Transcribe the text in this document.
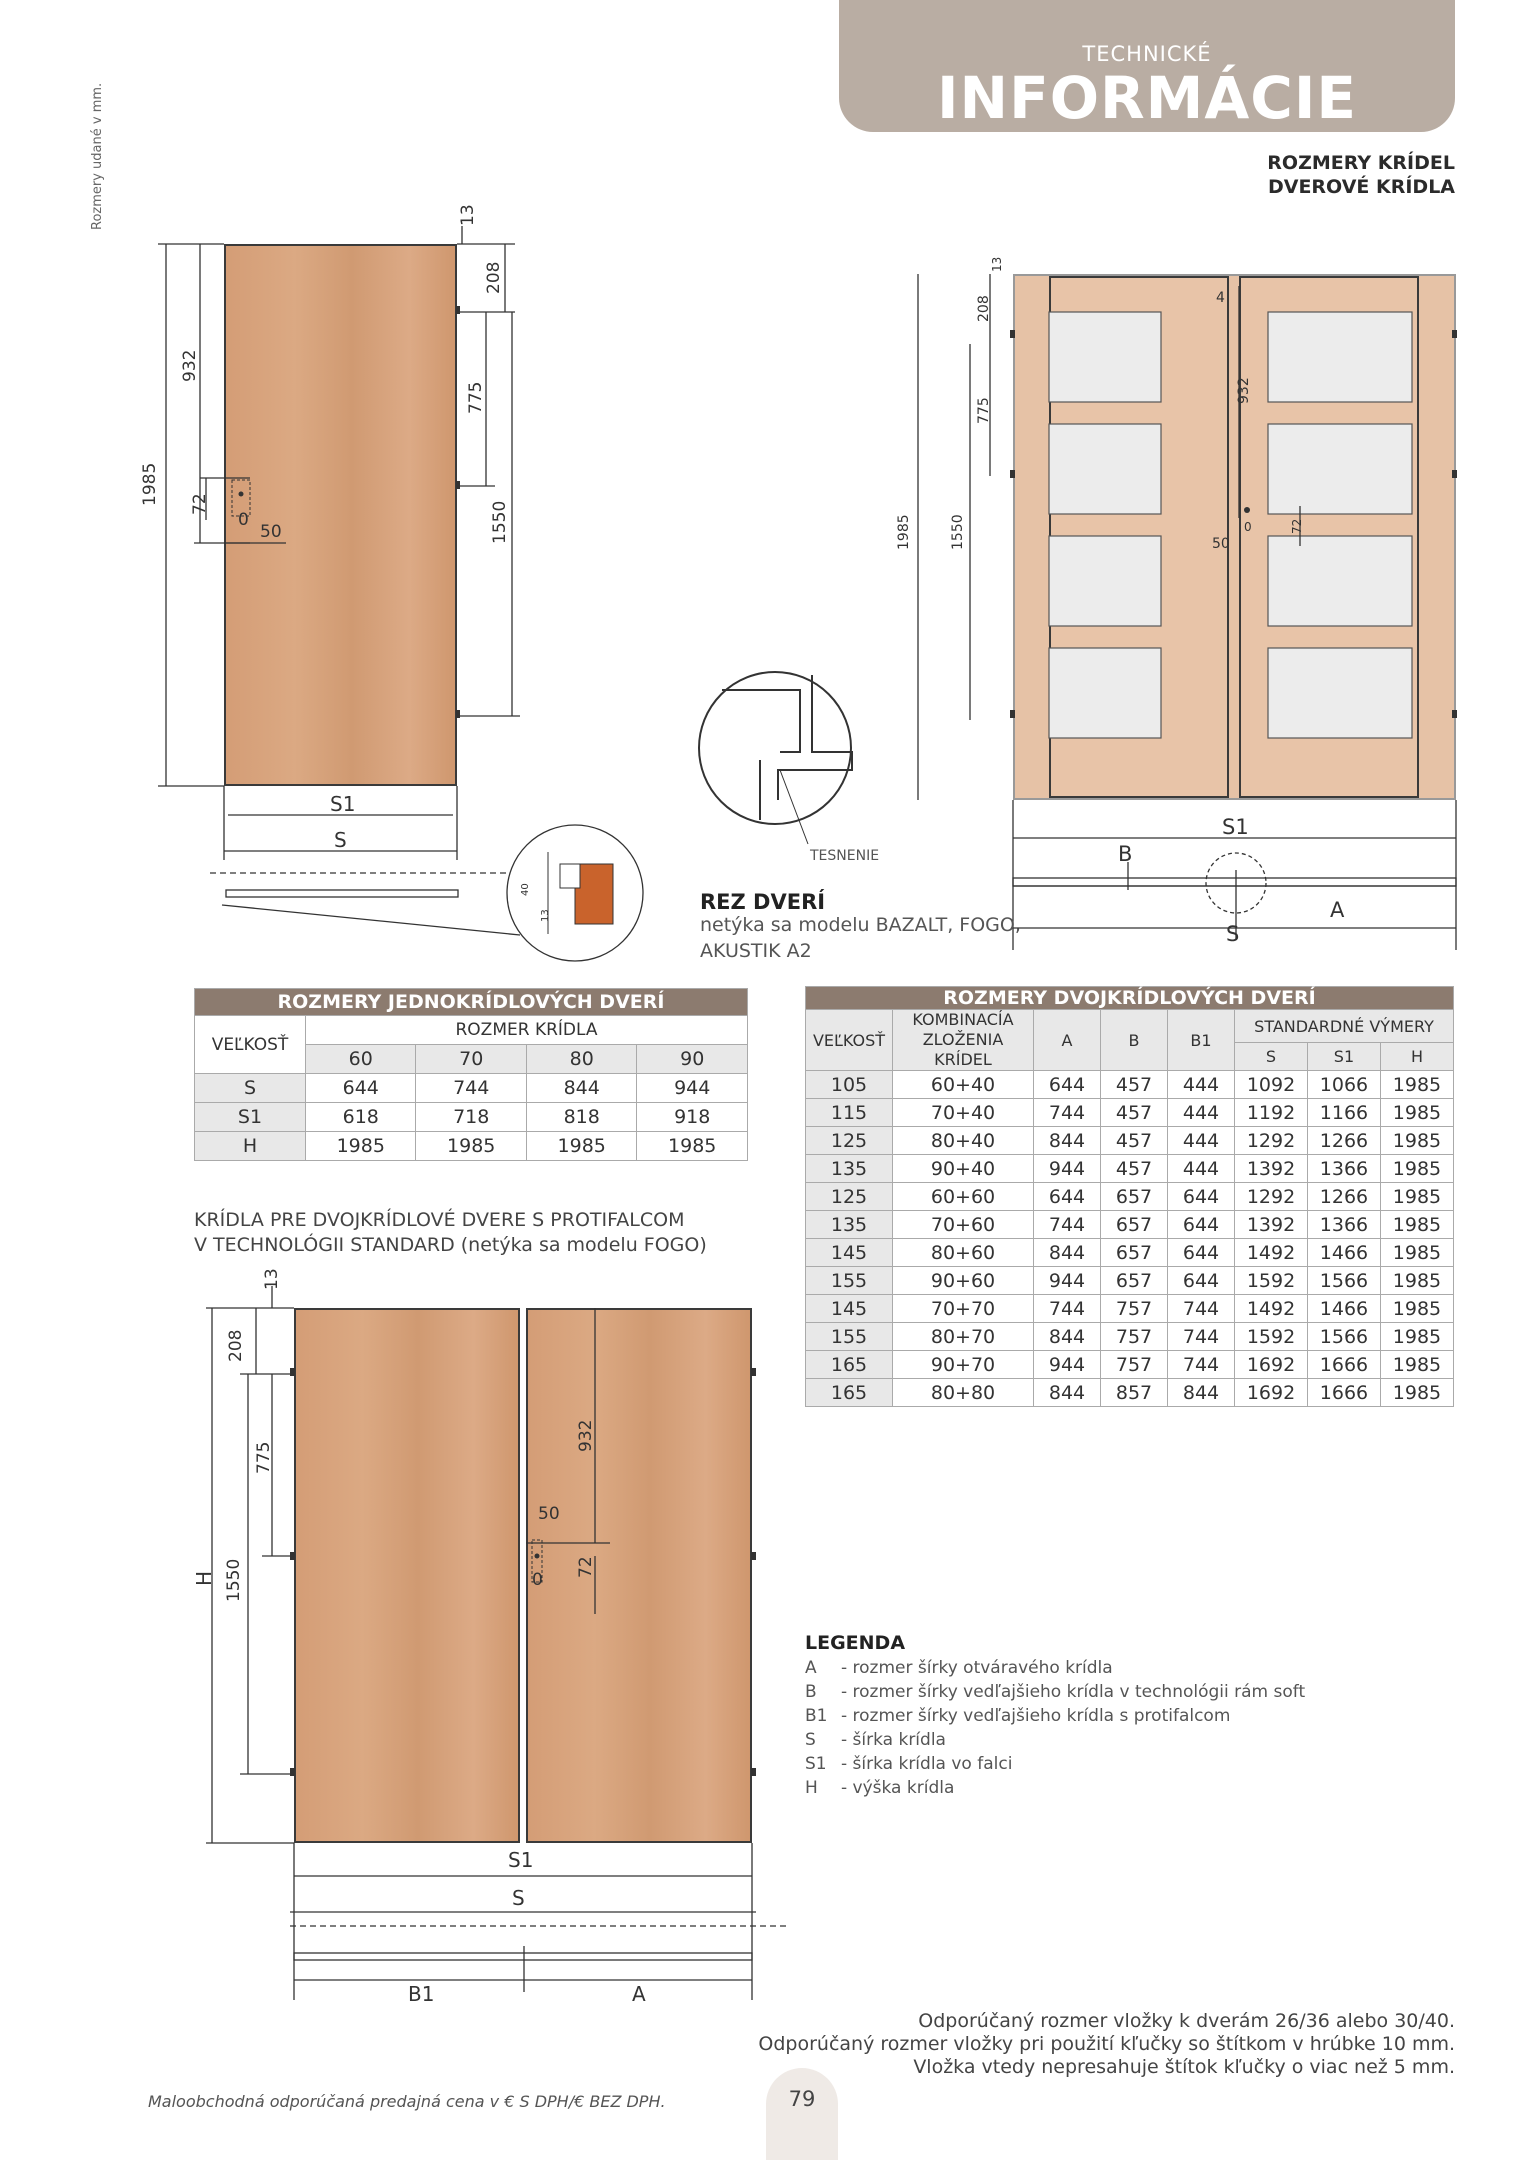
TECHNICKÉ
INFORMÁCIE
ROZMERY KRÍDEL
DVEROVÉ KRÍDLA
Rozmery udané v mm.
1985
932
72
0
50
13
208
775
1550
S1
S
40
13
13
208	4
932
775
1550
1985	72
0
50
S1
B
A
S
TESNENIE
REZ DVERÍ
netýka sa modelu BAZALT, FOGO,
AKUSTIK A2
ROZMERY JEDNOKRÍDLOVÝCH DVERÍ				
VEĽKOSŤ	ROZMER KRÍDLA			
	60	70	80	90
S	644	744	844	944
S1	618	718	818	918
H	1985	1985	1985	1985
ROZMERY DVOJKRÍDLOVÝCH DVERÍ							
VEĽKOSŤ	KOMBINACÍA
ZLOŽENIA KRÍDEL	A	B	B1	STANDARDNÉ VÝMERY		
					S	S1	H
105	60+40	644	457	444	1092	1066	1985
115	70+40	744	457	444	1192	1166	1985
125	80+40	844	457	444	1292	1266	1985
135	90+40	944	457	444	1392	1366	1985
125	60+60	644	657	644	1292	1266	1985
135	70+60	744	657	644	1392	1366	1985
145	80+60	844	657	644	1492	1466	1985
155	90+60	944	657	644	1592	1566	1985
145	70+70	744	757	744	1492	1466	1985
155	80+70	844	757	744	1592	1566	1985
165	90+70	944	757	744	1692	1666	1985
165	80+80	844	857	844	1692	1666	1985
KRÍDLA PRE DVOJKRÍDLOVÉ DVERE S PROTIFALCOM
V TECHNOLÓGII STANDARD (netýka sa modelu FOGO)
13
208
775
1550
H
932
50
0
72
S1
S
B1	A
LEGENDA
A - rozmer šírky otváravého krídla
B - rozmer šírky vedľajšieho krídla v technológii rám soft
B1 - rozmer šírky vedľajšieho krídla s protifalcom
S - šírka krídla
S1 - šírka krídla vo falci
H - výška krídla
Odporúčaný rozmer vložky k dverám 26/36 alebo 30/40.
Odporúčaný rozmer vložky pri použití kľučky so štítkom v hrúbke 10 mm.
Vložka vtedy nepresahuje štítok kľučky o viac než 5 mm.
Maloobchodná odporúčaná predajná cena v € S DPH/€ BEZ DPH.	79
